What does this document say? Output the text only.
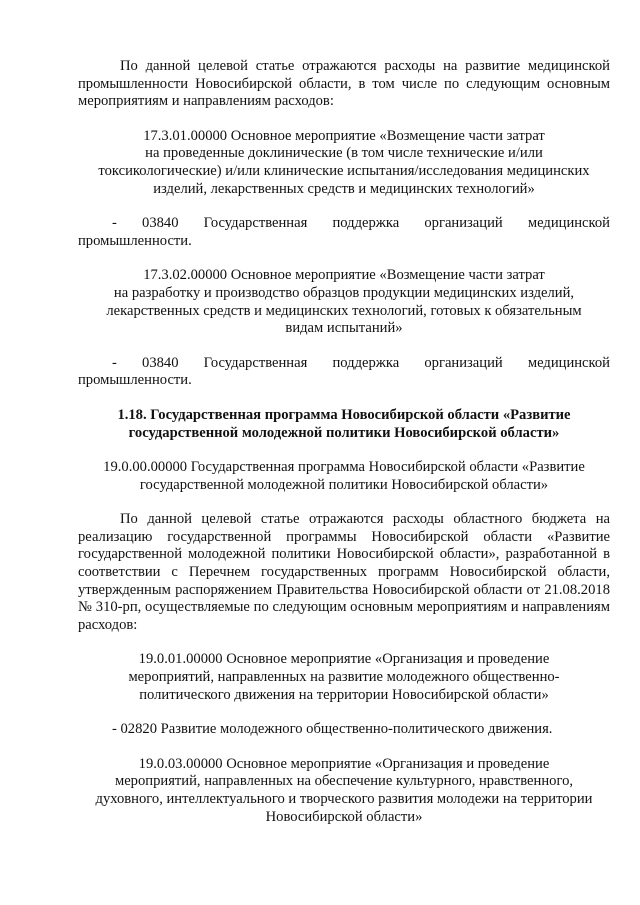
По данной целевой статье отражаются расходы на развитие медицинской промышленности Новосибирской области, в том числе по следующим основным мероприятиям и направлениям расходов:

17.3.01.00000 Основное мероприятие «Возмещение части затрат

на проведенные доклинические (в том числе технические и/или

токсикологические) и/или клинические испытания/исследования медицинских

изделий, лекарственных средств и медицинских технологий»

- 03840 Государственная поддержка организаций медицинской промышленности.

17.3.02.00000 Основное мероприятие «Возмещение части затрат

на разработку и производство образцов продукции медицинских изделий,

лекарственных средств и медицинских технологий, готовых к обязательным

видам испытаний»

- 03840 Государственная поддержка организаций медицинской промышленности.

1.18. Государственная программа Новосибирской области «Развитие

государственной молодежной политики Новосибирской области»

19.0.00.00000 Государственная программа Новосибирской области «Развитие

государственной молодежной политики Новосибирской области»

По данной целевой статье отражаются расходы областного бюджета на реализацию государственной программы Новосибирской области «Развитие государственной молодежной политики Новосибирской области», разработанной в соответствии с Перечнем государственных программ Новосибирской области, утвержденным распоряжением Правительства Новосибирской области от 21.08.2018 № 310-рп, осуществляемые по следующим основным мероприятиям и направлениям расходов:

19.0.01.00000 Основное мероприятие «Организация и проведение

мероприятий, направленных на развитие молодежного общественно-

политического движения на территории Новосибирской области»

- 02820 Развитие молодежного общественно-политического движения.

19.0.03.00000 Основное мероприятие «Организация и проведение

мероприятий, направленных на обеспечение культурного, нравственного,

духовного, интеллектуального и творческого развития молодежи на территории

Новосибирской области»
